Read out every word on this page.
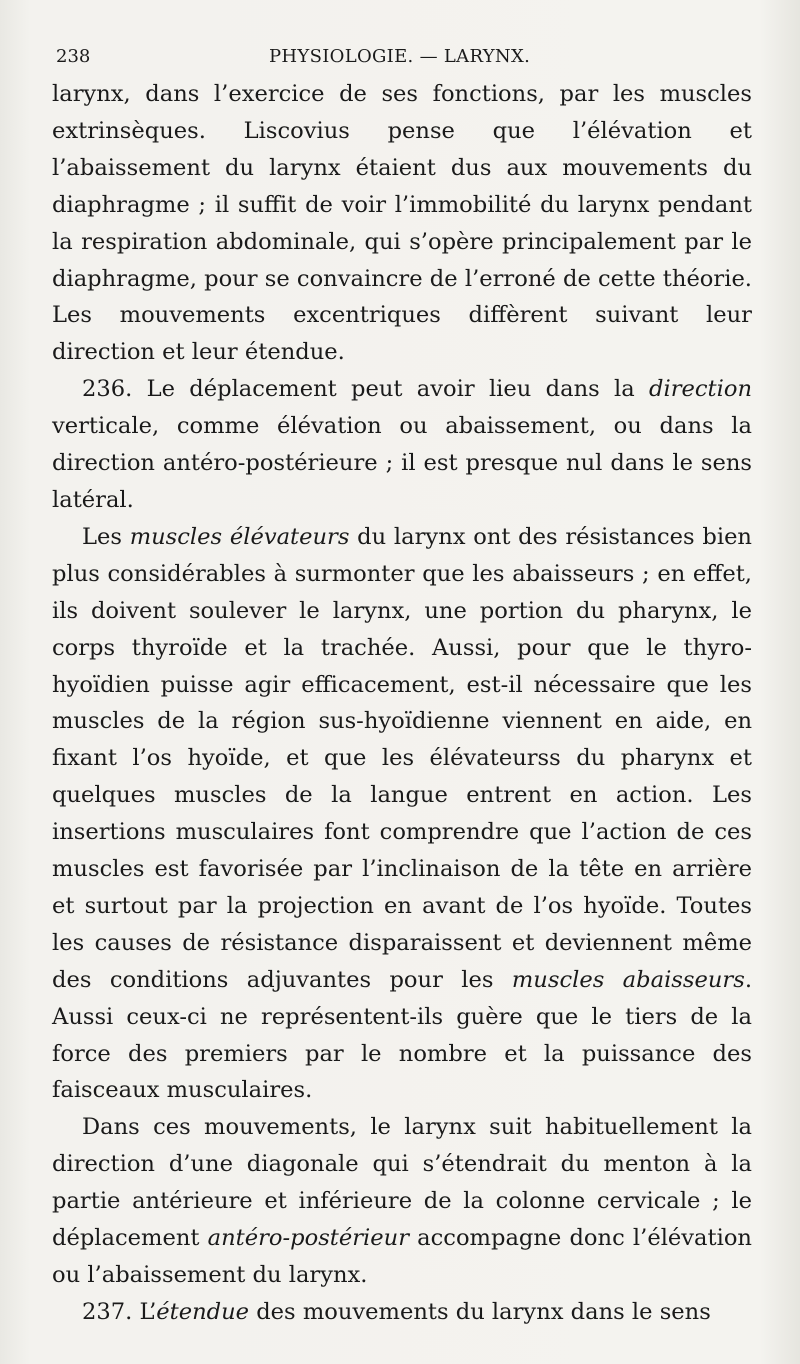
238	PHYSIOLOGIE. — LARYNX.

larynx, dans l’exercice de ses fonctions, par les muscles extrinsèques. Liscovius pense que l’élévation et l’abaissement du larynx étaient dus aux mouvements du diaphragme ; il suffit de voir l’immobilité du larynx pendant la respiration abdominale, qui s’opère principalement par le diaphragme, pour se convaincre de l’erroné de cette théorie. Les mouvements excentriques diffèrent suivant leur direction et leur étendue.

236. Le déplacement peut avoir lieu dans la direction verticale, comme élévation ou abaissement, ou dans la direction antéro-postérieure ; il est presque nul dans le sens latéral.

Les muscles élévateurs du larynx ont des résistances bien plus considérables à surmonter que les abaisseurs ; en effet, ils doivent soulever le larynx, une portion du pharynx, le corps thyroïde et la trachée. Aussi, pour que le thyro-hyoïdien puisse agir efficacement, est-il nécessaire que les muscles de la région sus-hyoïdienne viennent en aide, en fixant l’os hyoïde, et que les élévateurss du pharynx et quelques muscles de la langue entrent en action. Les insertions musculaires font comprendre que l’action de ces muscles est favorisée par l’inclinaison de la tête en arrière et surtout par la projection en avant de l’os hyoïde. Toutes les causes de résistance disparaissent et deviennent même des conditions adjuvantes pour les muscles abaisseurs. Aussi ceux-ci ne représentent-ils guère que le tiers de la force des premiers par le nombre et la puissance des faisceaux musculaires.

Dans ces mouvements, le larynx suit habituellement la direction d’une diagonale qui s’étendrait du menton à la partie antérieure et inférieure de la colonne cervicale ; le déplacement antéro-postérieur accompagne donc l’élévation ou l’abaissement du larynx.

237. L’étendue des mouvements du larynx dans le sens
